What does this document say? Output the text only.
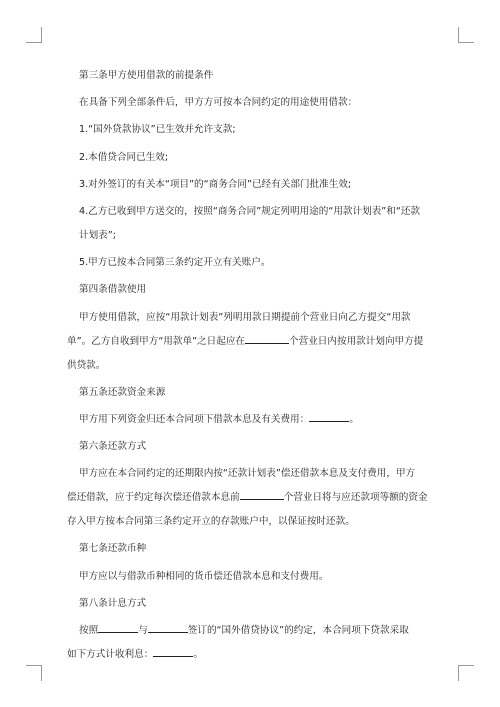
第三条甲方使用借款的前提条件
在具备下列全部条件后，甲方方可按本合同约定的用途使用借款：
1.“国外贷款协议”已生效并允许支款;
2.本借贷合同已生效;
3.对外签订的有关本“项目”的“商务合同”已经有关部门批准生效;
4.乙方已收到甲方送交的，按照“商务合同”规定列明用途的“用款计划表”和“还款
计划表”;
5.甲方已按本合同第三条约定开立有关账户。
第四条借款使用
甲方使用借款，应按“用款计划表”列明用款日期提前个营业日向乙方提交“用款
单”。乙方自收到甲方“用款单”之日起应在	个营业日内按用款计划向甲方提
供贷款。
第五条还款资金来源
甲方用下列资金归还本合同项下借款本息及有关费用：	。
第六条还款方式
甲方应在本合同约定的还期限内按“还款计划表”偿还借款本息及支付费用，甲方
偿还借款，应于约定每次偿还借款本息前	个营业日将与应还款项等额的资金
存入甲方按本合同第三条约定开立的存款账户中，以保证按时还款。
第七条还款币种
甲方应以与借款币种相同的货币偿还借款本息和支付费用。
第八条计息方式
按照	与	签订的“国外借贷协议”的约定，本合同项下贷款采取
如下方式计收利息：	。
